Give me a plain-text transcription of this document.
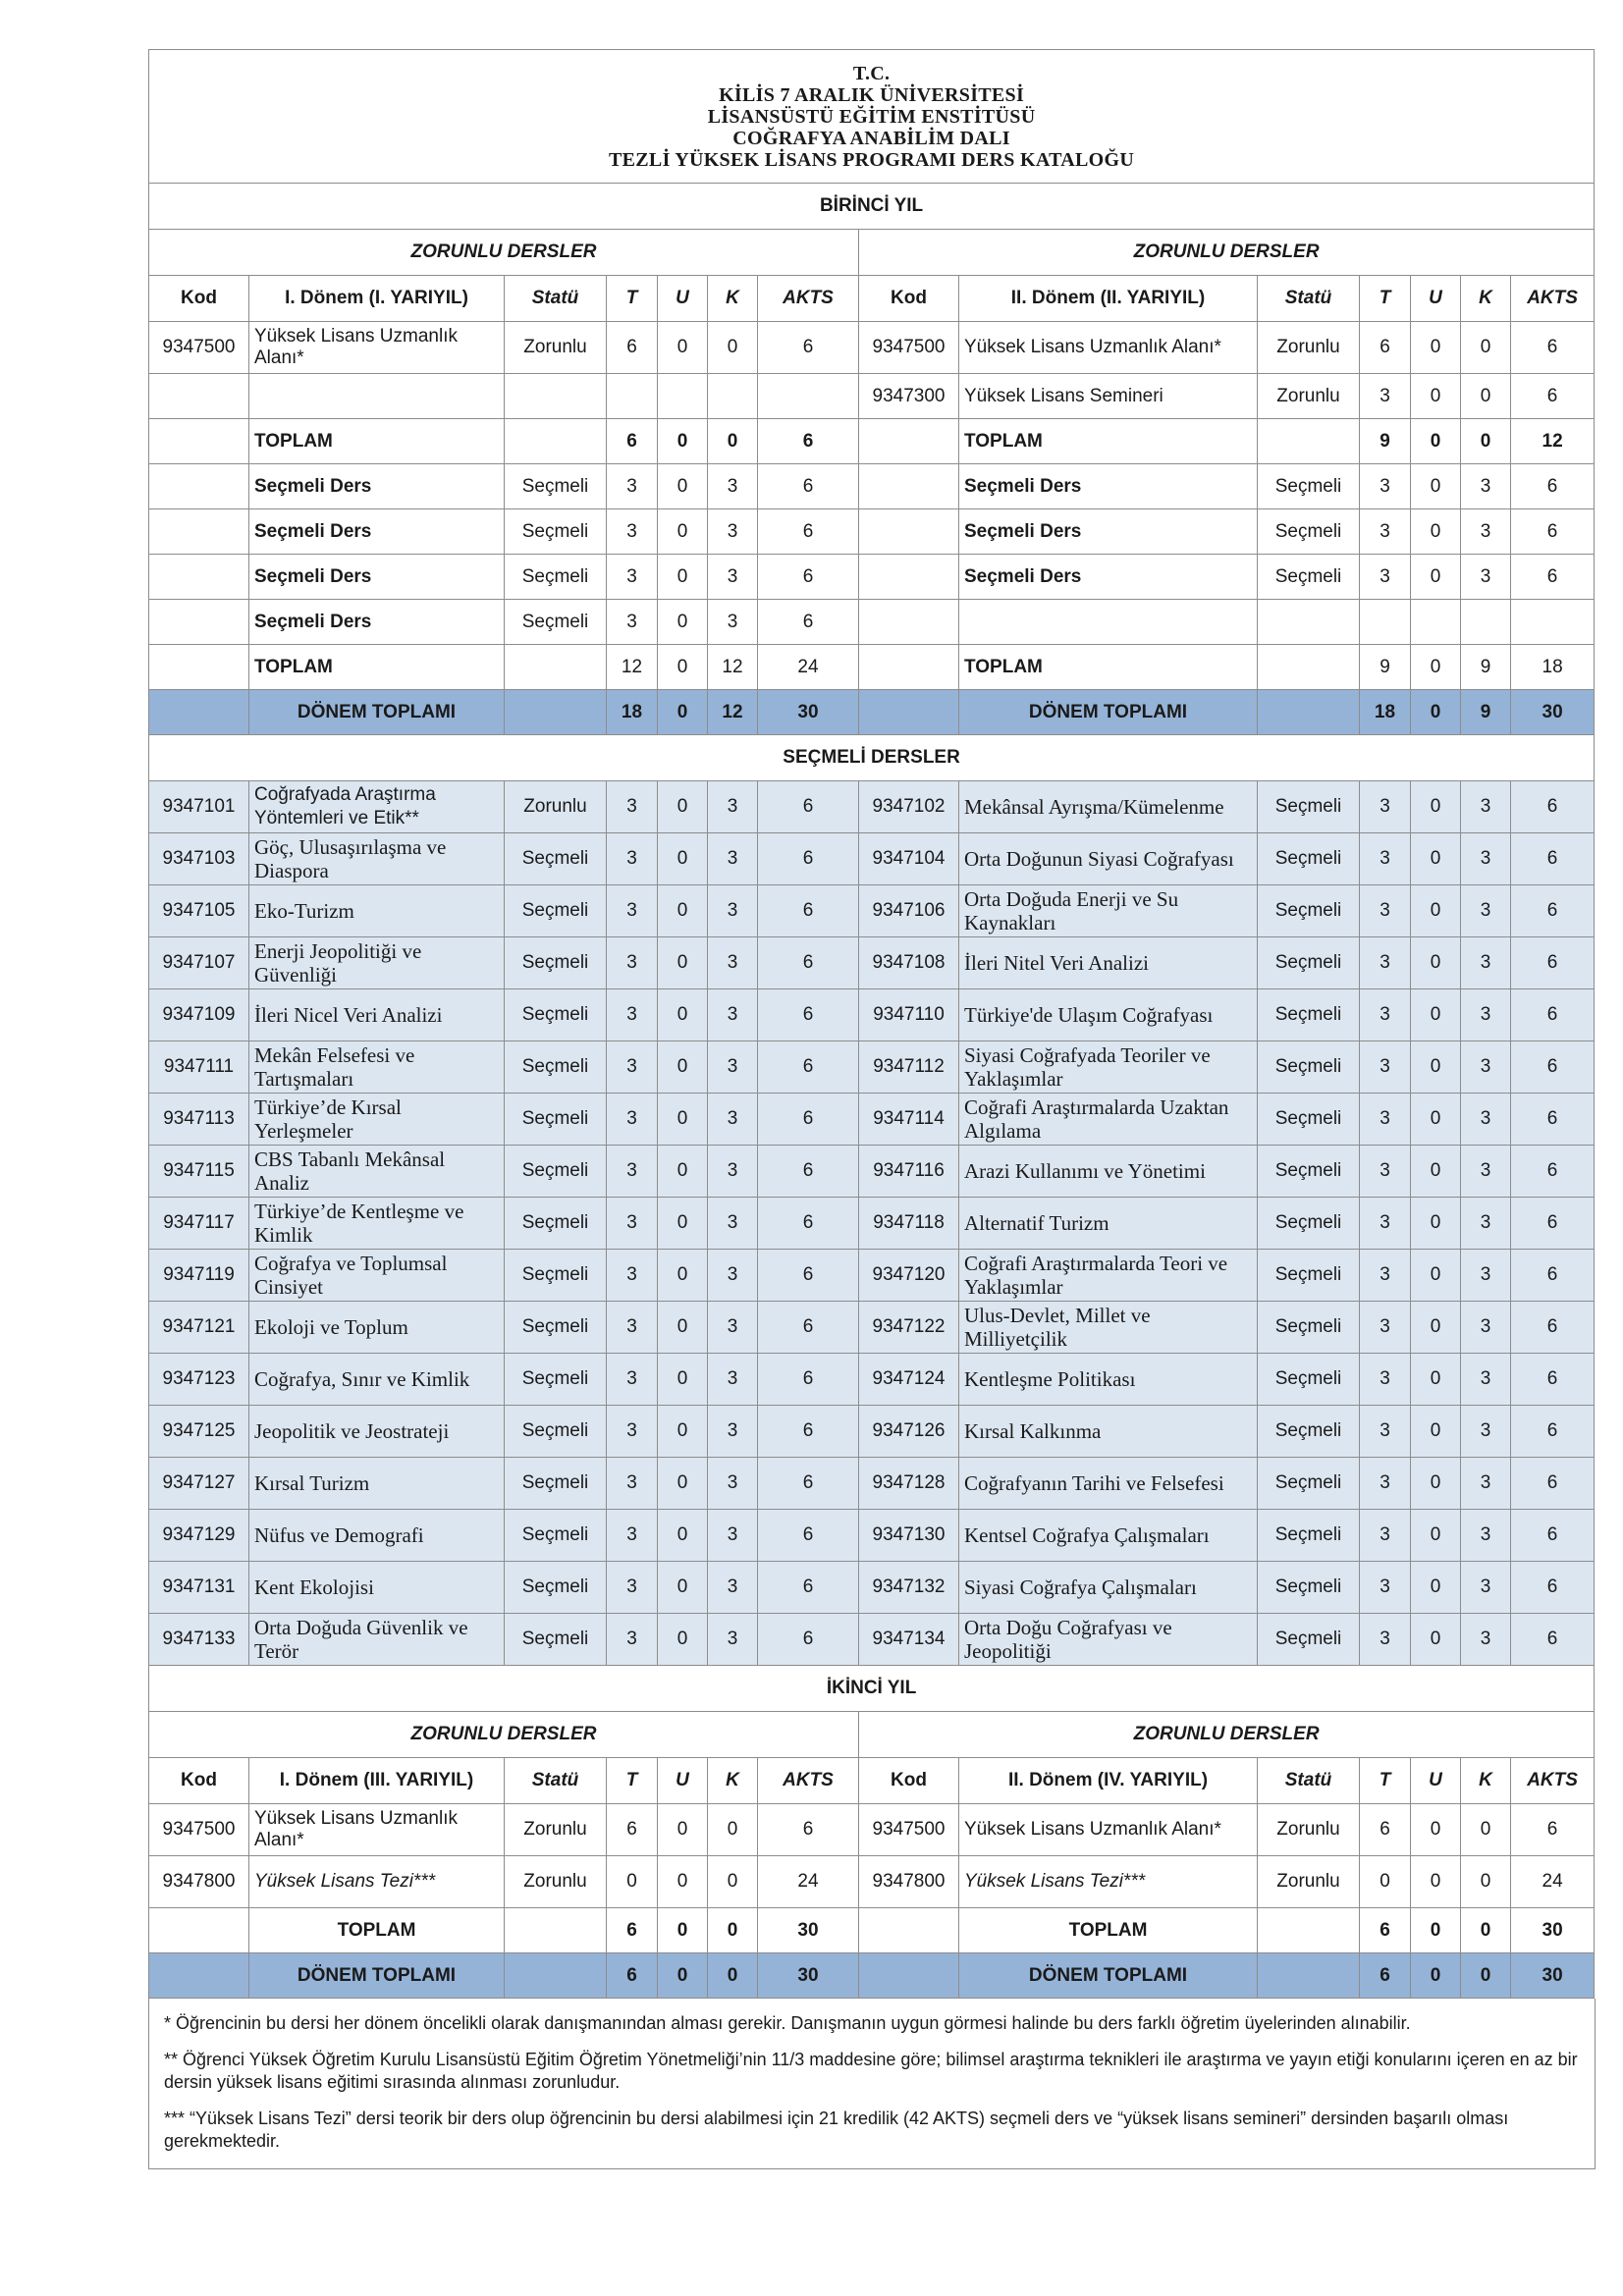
T.C.
KİLİS 7 ARALIK ÜNİVERSİTESİ
LİSANSÜSTÜ EĞİTİM ENSTİTÜSÜ
COĞRAFYA ANABİLİM DALI
TEZLİ YÜKSEK LİSANS PROGRAMI DERS KATALOĞU													

BİRİNCİ YIL													
ZORUNLU DERSLER							ZORUNLU DERSLER						
Kod	I. Dönem (I. YARIYIL)	Statü	T	U	K	AKTS	Kod	II. Dönem (II. YARIYIL)	Statü	T	U	K	AKTS
9347500	Yüksek Lisans Uzmanlık Alanı*	Zorunlu	6	0	0	6	9347500	Yüksek Lisans Uzmanlık Alanı*	Zorunlu	6	0	0	6
							9347300	Yüksek Lisans Semineri	Zorunlu	3	0	0	6
	TOPLAM		6	0	0	6		TOPLAM		9	0	0	12
	Seçmeli Ders	Seçmeli	3	0	3	6		Seçmeli Ders	Seçmeli	3	0	3	6
	Seçmeli Ders	Seçmeli	3	0	3	6		Seçmeli Ders	Seçmeli	3	0	3	6
	Seçmeli Ders	Seçmeli	3	0	3	6		Seçmeli Ders	Seçmeli	3	0	3	6
	Seçmeli Ders	Seçmeli	3	0	3	6							
	TOPLAM		12	0	12	24		TOPLAM		9	0	9	18
	DÖNEM TOPLAMI		18	0	12	30		DÖNEM TOPLAMI		18	0	9	30
SEÇMELİ DERSLER													
9347101	Coğrafyada Araştırma Yöntemleri ve Etik**	Zorunlu	3	0	3	6	9347102	Mekânsal Ayrışma/Kümelenme	Seçmeli	3	0	3	6
9347103	Göç, Ulusaşırılaşma ve Diaspora	Seçmeli	3	0	3	6	9347104	Orta Doğunun Siyasi Coğrafyası	Seçmeli	3	0	3	6
9347105	Eko-Turizm	Seçmeli	3	0	3	6	9347106	Orta Doğuda Enerji ve Su Kaynakları	Seçmeli	3	0	3	6
9347107	Enerji Jeopolitiği ve Güvenliği	Seçmeli	3	0	3	6	9347108	İleri Nitel Veri Analizi	Seçmeli	3	0	3	6
9347109	İleri Nicel Veri Analizi	Seçmeli	3	0	3	6	9347110	Türkiye'de Ulaşım Coğrafyası	Seçmeli	3	0	3	6
9347111	Mekân Felsefesi ve Tartışmaları	Seçmeli	3	0	3	6	9347112	Siyasi Coğrafyada Teoriler ve Yaklaşımlar	Seçmeli	3	0	3	6
9347113	Türkiye’de Kırsal Yerleşmeler	Seçmeli	3	0	3	6	9347114	Coğrafi Araştırmalarda Uzaktan Algılama	Seçmeli	3	0	3	6
9347115	CBS Tabanlı Mekânsal Analiz	Seçmeli	3	0	3	6	9347116	Arazi Kullanımı ve Yönetimi	Seçmeli	3	0	3	6
9347117	Türkiye’de Kentleşme ve Kimlik	Seçmeli	3	0	3	6	9347118	Alternatif Turizm	Seçmeli	3	0	3	6
9347119	Coğrafya ve Toplumsal Cinsiyet	Seçmeli	3	0	3	6	9347120	Coğrafi Araştırmalarda Teori ve Yaklaşımlar	Seçmeli	3	0	3	6
9347121	Ekoloji ve Toplum	Seçmeli	3	0	3	6	9347122	Ulus-Devlet, Millet ve Milliyetçilik	Seçmeli	3	0	3	6
9347123	Coğrafya, Sınır ve Kimlik	Seçmeli	3	0	3	6	9347124	Kentleşme Politikası	Seçmeli	3	0	3	6
9347125	Jeopolitik ve Jeostrateji	Seçmeli	3	0	3	6	9347126	Kırsal Kalkınma	Seçmeli	3	0	3	6
9347127	Kırsal Turizm	Seçmeli	3	0	3	6	9347128	Coğrafyanın Tarihi ve Felsefesi	Seçmeli	3	0	3	6
9347129	Nüfus ve Demografi	Seçmeli	3	0	3	6	9347130	Kentsel Coğrafya Çalışmaları	Seçmeli	3	0	3	6
9347131	Kent Ekolojisi	Seçmeli	3	0	3	6	9347132	Siyasi Coğrafya Çalışmaları	Seçmeli	3	0	3	6
9347133	Orta Doğuda Güvenlik ve Terör	Seçmeli	3	0	3	6	9347134	Orta Doğu Coğrafyası ve Jeopolitiği	Seçmeli	3	0	3	6
İKİNCİ YIL													
ZORUNLU DERSLER							ZORUNLU DERSLER						
Kod	I. Dönem (III. YARIYIL)	Statü	T	U	K	AKTS	Kod	II. Dönem (IV. YARIYIL)	Statü	T	U	K	AKTS
9347500	Yüksek Lisans Uzmanlık Alanı*	Zorunlu	6	0	0	6	9347500	Yüksek Lisans Uzmanlık Alanı*	Zorunlu	6	0	0	6
9347800	Yüksek Lisans Tezi***	Zorunlu	0	0	0	24	9347800	Yüksek Lisans Tezi***	Zorunlu	0	0	0	24
	TOPLAM		6	0	0	30		TOPLAM		6	0	0	30
	DÖNEM TOPLAMI		6	0	0	30		DÖNEM TOPLAMI		6	0	0	30

* Öğrencinin bu dersi her dönem öncelikli olarak danışmanından alması gerekir. Danışmanın uygun görmesi halinde bu ders farklı öğretim üyelerinden alınabilir.

** Öğrenci Yüksek Öğretim Kurulu Lisansüstü Eğitim Öğretim Yönetmeliği’nin 11/3 maddesine göre; bilimsel araştırma teknikleri ile araştırma ve yayın etiği konularını içeren en az bir dersin yüksek lisans eğitimi sırasında alınması zorunludur.

*** “Yüksek Lisans Tezi” dersi teorik bir ders olup öğrencinin bu dersi alabilmesi için 21 kredilik (42 AKTS) seçmeli ders ve “yüksek lisans semineri” dersinden başarılı olması gerekmektedir.
